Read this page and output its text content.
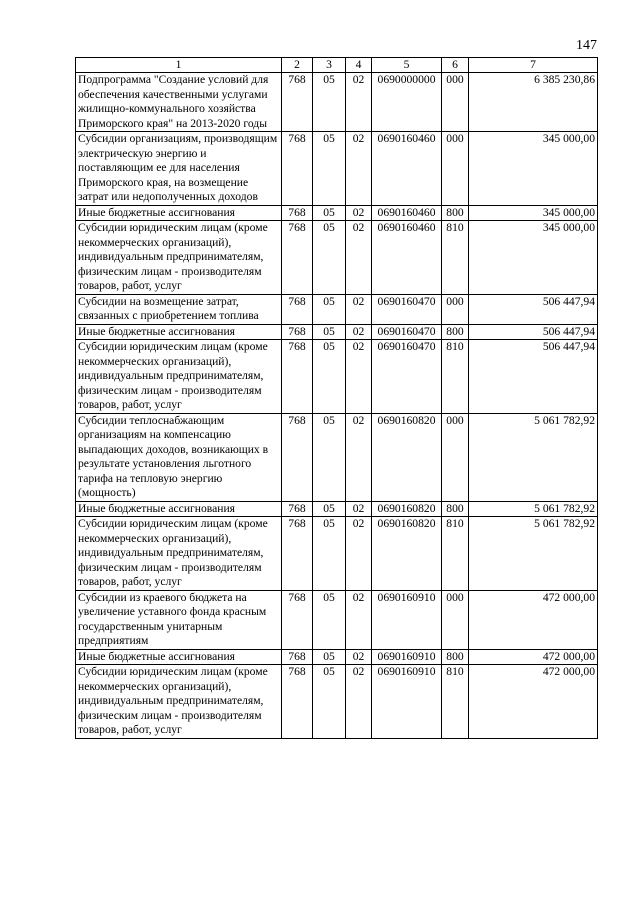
147
1	2	3	4	5	6	7
Подпрограмма "Создание условий для обеспечения качественными услугами жилищно-коммунального хозяйства Приморского края" на 2013-2020 годы	768	05	02	0690000000	000	6 385 230,86
Субсидии организациям, производящим электрическую энергию и поставляющим ее для населения Приморского края, на возмещение затрат или недополученных доходов	768	05	02	0690160460	000	345 000,00
Иные бюджетные ассигнования	768	05	02	0690160460	800	345 000,00
Субсидии юридическим лицам (кроме некоммерческих организаций), индивидуальным предпринимателям, физическим лицам - производителям товаров, работ, услуг	768	05	02	0690160460	810	345 000,00
Субсидии на возмещение затрат, связанных с приобретением топлива	768	05	02	0690160470	000	506 447,94
Иные бюджетные ассигнования	768	05	02	0690160470	800	506 447,94
Субсидии юридическим лицам (кроме некоммерческих организаций), индивидуальным предпринимателям, физическим лицам - производителям товаров, работ, услуг	768	05	02	0690160470	810	506 447,94
Субсидии теплоснабжающим организациям на компенсацию выпадающих доходов, возникающих в результате установления льготного тарифа на тепловую энергию (мощность)	768	05	02	0690160820	000	5 061 782,92
Иные бюджетные ассигнования	768	05	02	0690160820	800	5 061 782,92
Субсидии юридическим лицам (кроме некоммерческих организаций), индивидуальным предпринимателям, физическим лицам - производителям товаров, работ, услуг	768	05	02	0690160820	810	5 061 782,92
Субсидии из краевого бюджета на увеличение уставного фонда красным государственным унитарным предприятиям	768	05	02	0690160910	000	472 000,00
Иные бюджетные ассигнования	768	05	02	0690160910	800	472 000,00
Субсидии юридическим лицам (кроме некоммерческих организаций), индивидуальным предпринимателям, физическим лицам - производителям товаров, работ, услуг	768	05	02	0690160910	810	472 000,00
